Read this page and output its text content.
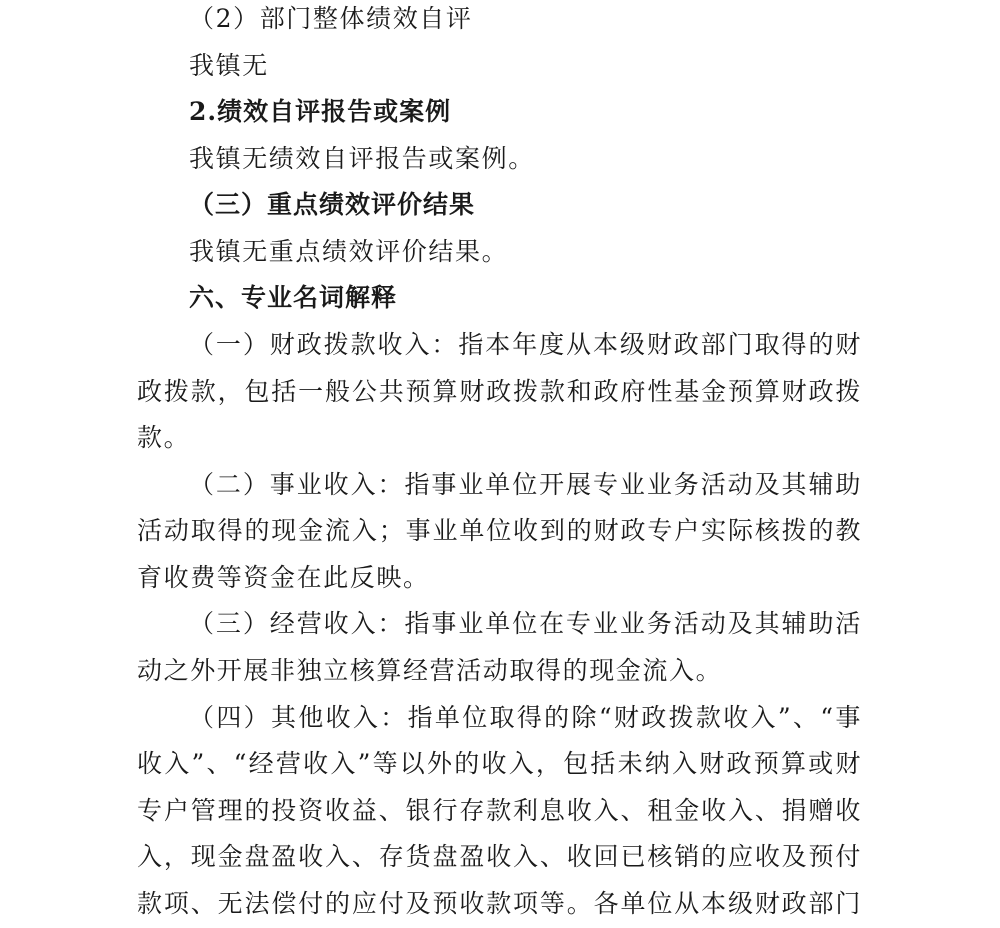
（2）部门整体绩效自评
我镇无
2.绩效自评报告或案例
我镇无绩效自评报告或案例。
（三）重点绩效评价结果
我镇无重点绩效评价结果。
六、专业名词解释
（一）财政拨款收入：指本年度从本级财政部门取得的财
政拨款，包括一般公共预算财政拨款和政府性基金预算财政拨
款。
（二）事业收入：指事业单位开展专业业务活动及其辅助
活动取得的现金流入；事业单位收到的财政专户实际核拨的教
育收费等资金在此反映。
（三）经营收入：指事业单位在专业业务活动及其辅助活
动之外开展非独立核算经营活动取得的现金流入。
（四）其他收入：指单位取得的除“财政拨款收入”、“事
收入”、“经营收入”等以外的收入，包括未纳入财政预算或财
专户管理的投资收益、银行存款利息收入、租金收入、捐赠收
入，现金盘盈收入、存货盘盈收入、收回已核销的应收及预付
款项、无法偿付的应付及预收款项等。各单位从本级财政部门
